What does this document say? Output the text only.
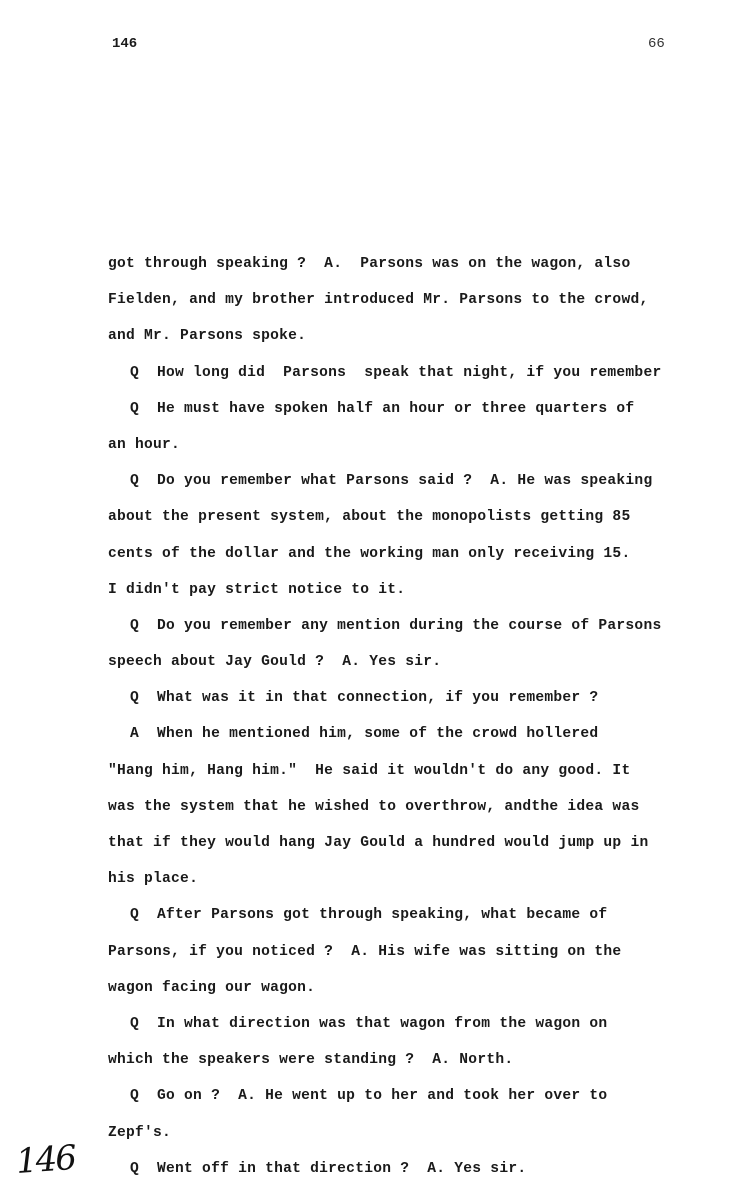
146	66
got through speaking ?  A.  Parsons was on the wagon, also
Fielden, and my brother introduced Mr. Parsons to the crowd,
and Mr. Parsons spoke.
Q  How long did  Parsons  speak that night, if you remember
Q  He must have spoken half an hour or three quarters of
an hour.
Q  Do you remember what Parsons said ?  A. He was speaking
about the present system, about the monopolists getting 85
cents of the dollar and the working man only receiving 15.
I didn't pay strict notice to it.
Q  Do you remember any mention during the course of Parsons
speech about Jay Gould ?  A. Yes sir.
Q  What was it in that connection, if you remember ?
A  When he mentioned him, some of the crowd hollered
"Hang him, Hang him."  He said it wouldn't do any good. It
was the system that he wished to overthrow, andthe idea was
that if they would hang Jay Gould a hundred would jump up in
his place.
Q  After Parsons got through speaking, what became of
Parsons, if you noticed ?  A. His wife was sitting on the
wagon facing our wagon.
Q  In what direction was that wagon from the wagon on
which the speakers were standing ?  A. North.
Q  Go on ?  A. He went up to her and took her over to
Zepf's.
Q  Went off in that direction ?  A. Yes sir.
146
